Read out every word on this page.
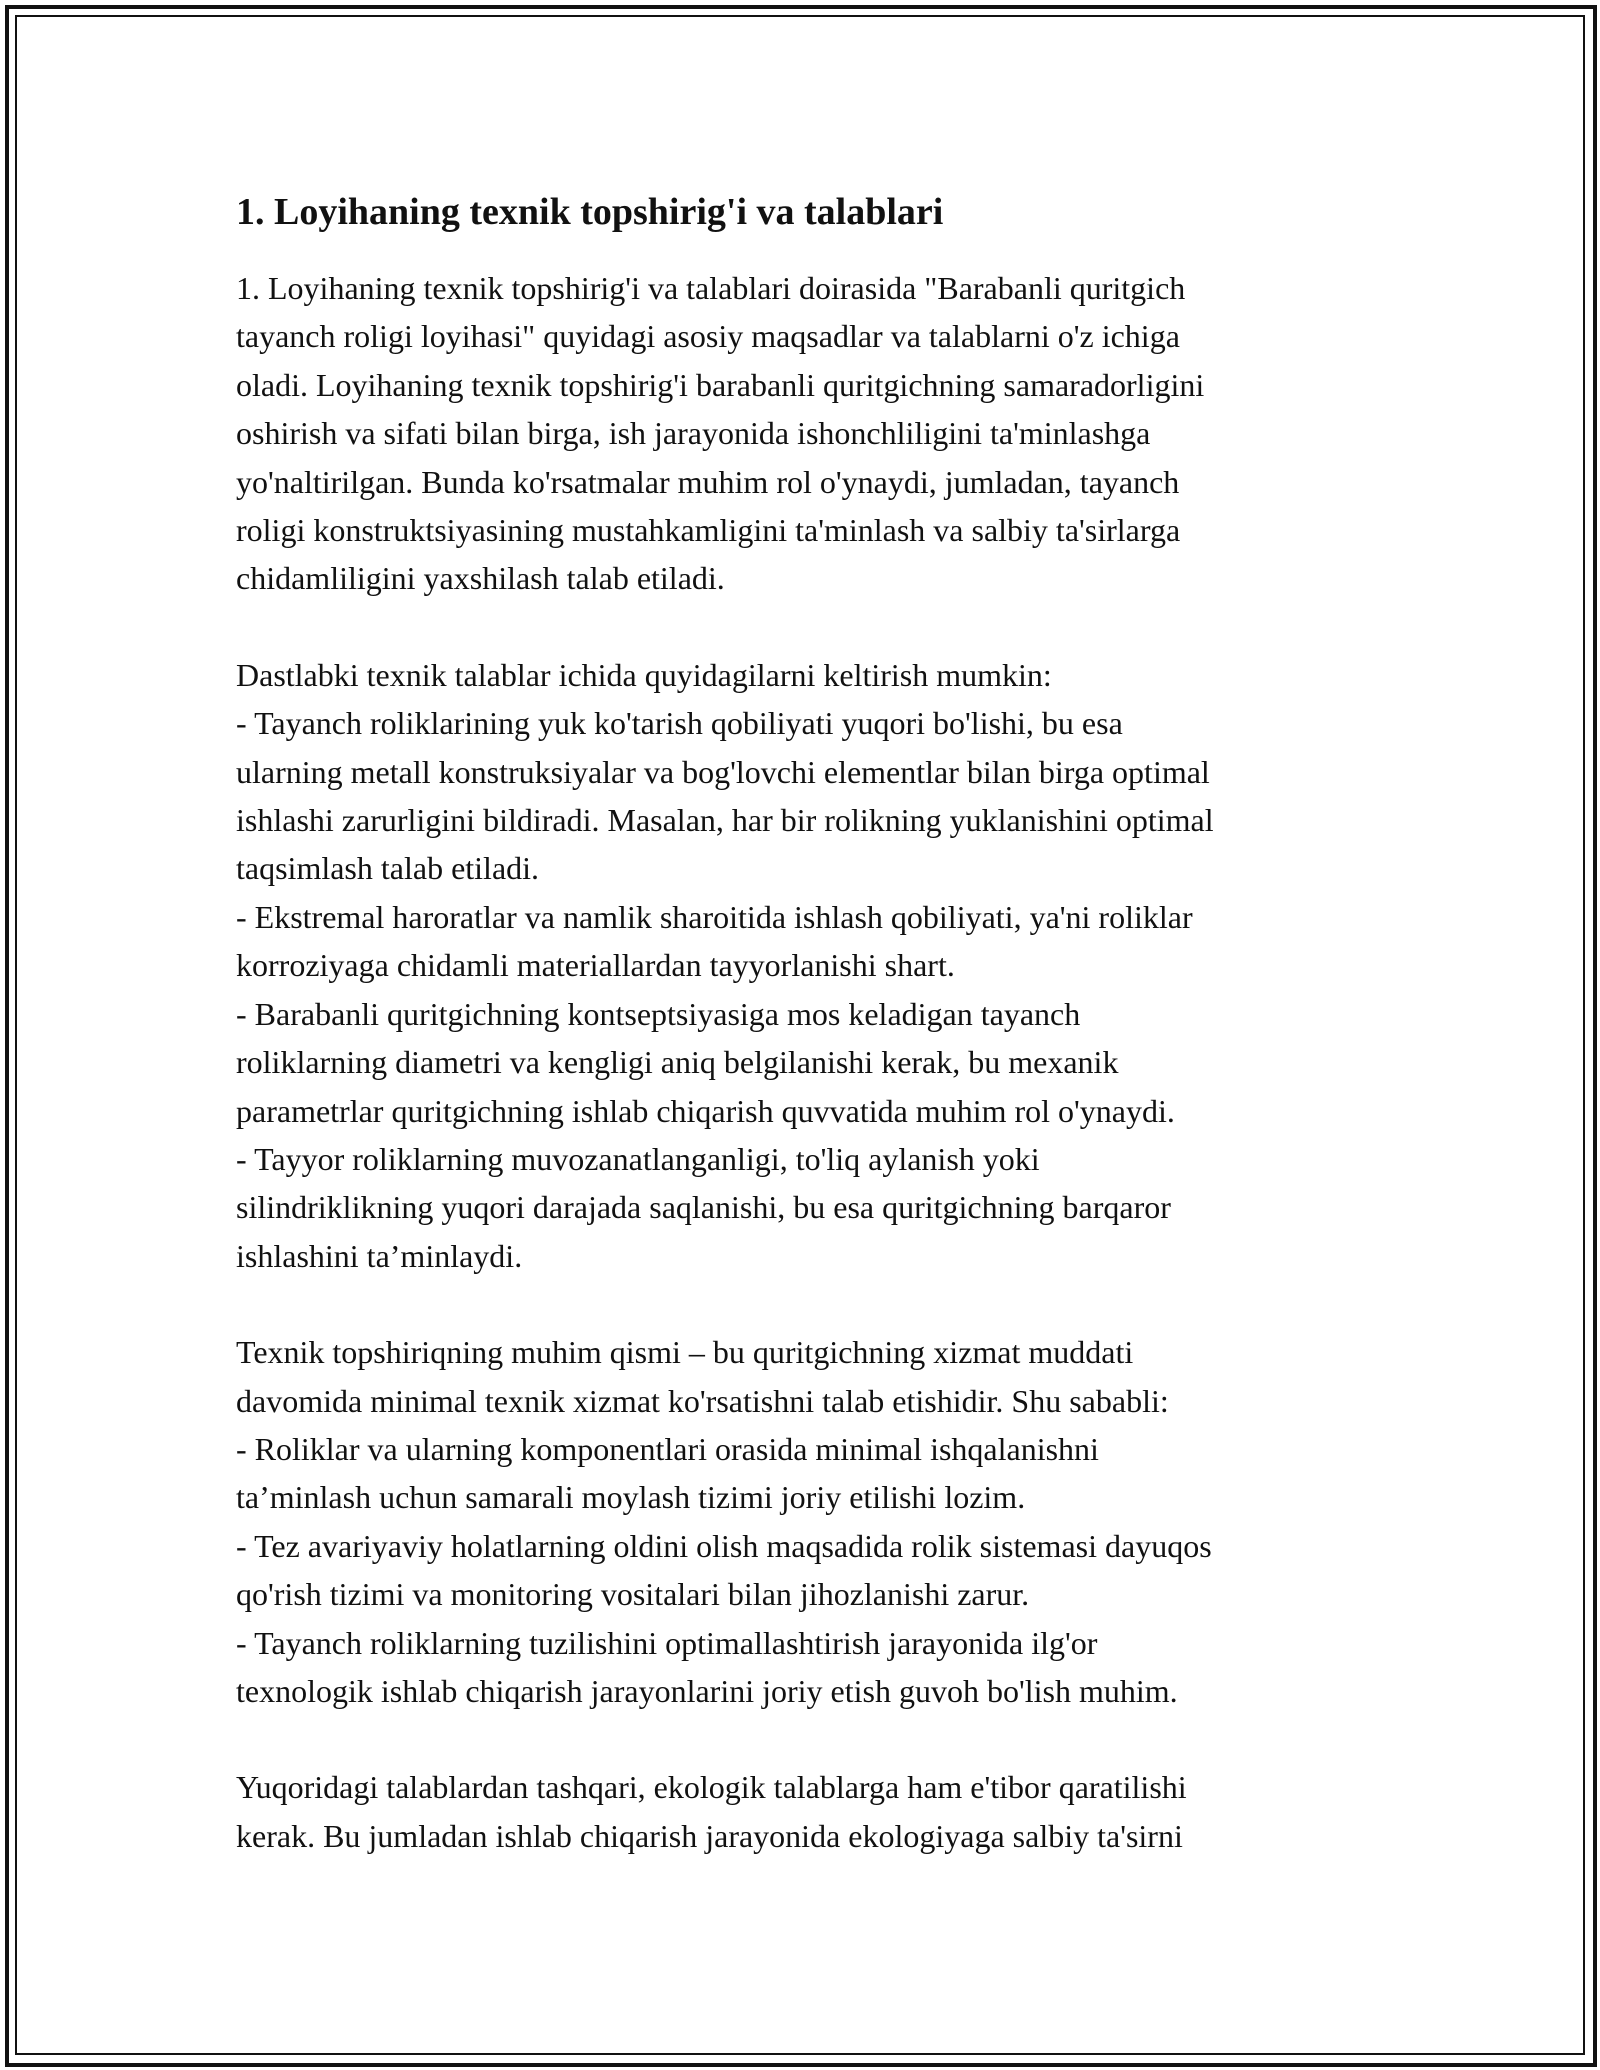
1. Loyihaning texnik topshirig'i va talablari

1. Loyihaning texnik topshirig'i va talablari doirasida "Barabanli quritgich
tayanch roligi loyihasi" quyidagi asosiy maqsadlar va talablarni o'z ichiga
oladi. Loyihaning texnik topshirig'i barabanli quritgichning samaradorligini
oshirish va sifati bilan birga, ish jarayonida ishonchliligini ta'minlashga
yo'naltirilgan. Bunda ko'rsatmalar muhim rol o'ynaydi, jumladan, tayanch
roligi konstruktsiyasining mustahkamligini ta'minlash va salbiy ta'sirlarga
chidamliligini yaxshilash talab etiladi.

Dastlabki texnik talablar ichida quyidagilarni keltirish mumkin:
- Tayanch roliklarining yuk ko'tarish qobiliyati yuqori bo'lishi, bu esa
ularning metall konstruksiyalar va bog'lovchi elementlar bilan birga optimal
ishlashi zarurligini bildiradi. Masalan, har bir rolikning yuklanishini optimal
taqsimlash talab etiladi.
- Ekstremal haroratlar va namlik sharoitida ishlash qobiliyati, ya'ni roliklar
korroziyaga chidamli materiallardan tayyorlanishi shart.
- Barabanli quritgichning kontseptsiyasiga mos keladigan tayanch
roliklarning diametri va kengligi aniq belgilanishi kerak, bu mexanik
parametrlar quritgichning ishlab chiqarish quvvatida muhim rol o'ynaydi.
- Tayyor roliklarning muvozanatlanganligi, to'liq aylanish yoki
silindriklikning yuqori darajada saqlanishi, bu esa quritgichning barqaror
ishlashini ta’minlaydi.

Texnik topshiriqning muhim qismi – bu quritgichning xizmat muddati
davomida minimal texnik xizmat ko'rsatishni talab etishidir. Shu sababli:
- Roliklar va ularning komponentlari orasida minimal ishqalanishni
ta’minlash uchun samarali moylash tizimi joriy etilishi lozim.
- Tez avariyaviy holatlarning oldini olish maqsadida rolik sistemasi dayuqos
qo'rish tizimi va monitoring vositalari bilan jihozlanishi zarur.
- Tayanch roliklarning tuzilishini optimallashtirish jarayonida ilg'or
texnologik ishlab chiqarish jarayonlarini joriy etish guvoh bo'lish muhim.

Yuqoridagi talablardan tashqari, ekologik talablarga ham e'tibor qaratilishi
kerak. Bu jumladan ishlab chiqarish jarayonida ekologiyaga salbiy ta'sirni
